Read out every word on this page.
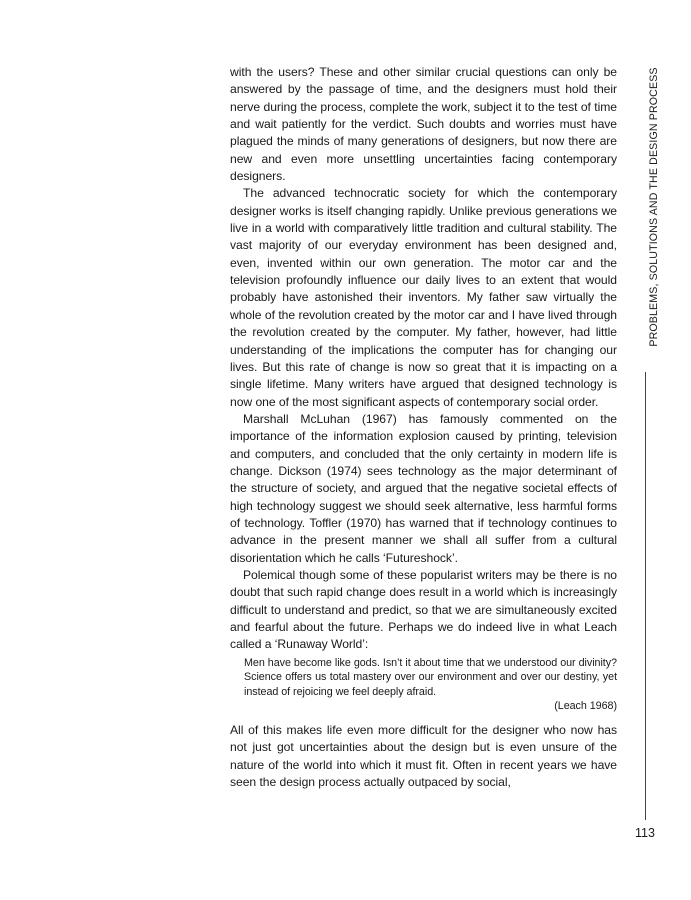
with the users? These and other similar crucial questions can only be answered by the passage of time, and the designers must hold their nerve during the process, complete the work, subject it to the test of time and wait patiently for the verdict. Such doubts and worries must have plagued the minds of many generations of designers, but now there are new and even more unsettling uncertainties facing contemporary designers.

The advanced technocratic society for which the contemporary designer works is itself changing rapidly. Unlike previous generations we live in a world with comparatively little tradition and cultural stability. The vast majority of our everyday environment has been designed and, even, invented within our own generation. The motor car and the television profoundly influence our daily lives to an extent that would probably have astonished their inventors. My father saw virtually the whole of the revolution created by the motor car and I have lived through the revolution created by the computer. My father, however, had little understanding of the implications the computer has for changing our lives. But this rate of change is now so great that it is impacting on a single lifetime. Many writers have argued that designed technology is now one of the most significant aspects of contemporary social order.

Marshall McLuhan (1967) has famously commented on the importance of the information explosion caused by printing, television and computers, and concluded that the only certainty in modern life is change. Dickson (1974) sees technology as the major determinant of the structure of society, and argued that the negative societal effects of high technology suggest we should seek alternative, less harmful forms of technology. Toffler (1970) has warned that if technology continues to advance in the present manner we shall all suffer from a cultural disorientation which he calls ‘Futureshock’.

Polemical though some of these popularist writers may be there is no doubt that such rapid change does result in a world which is increasingly difficult to understand and predict, so that we are simultaneously excited and fearful about the future. Perhaps we do indeed live in what Leach called a ‘Runaway World’:

Men have become like gods. Isn’t it about time that we understood our divinity? Science offers us total mastery over our environment and over our destiny, yet instead of rejoicing we feel deeply afraid.

(Leach 1968)

All of this makes life even more difficult for the designer who now has not just got uncertainties about the design but is even unsure of the nature of the world into which it must fit. Often in recent years we have seen the design process actually outpaced by social,

PROBLEMS, SOLUTIONS AND THE DESIGN PROCESS
113
